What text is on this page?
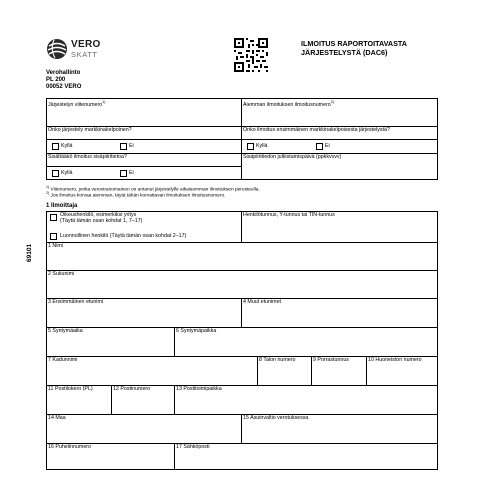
VERO
SKATT
ILMOITUS RAPORTOITAVASTA
JÄRJESTELYSTÄ (DAC6)
Verohallinto
PL 200
00052 VERO
69101
Järjestelyn viitenumero$^{1)}$	Aiemman ilmoituksen ilmoitusnumero$^{2)}$
Onko järjestely markkinakelpoinen?
Kyllä	Ei
Onko ilmoitus ensimmäinen markkinakelpoisesta järjestelystä?
Kyllä	Ei
Sisältääkö ilmoitus sisäpiiritietoa?
Kyllä	Ei
Sisäpiiritiedon julkistamispäivä (ppkkvvvv)
$^{1)}$ Viitenumero, jonka veroviranomainen on antanut järjestelylle aikaisemman ilmoituksen perusteella.
$^{2)}$ Jos ilmoitus korvaa aiemman, täytä tähän korvattavan ilmoituksen ilmoitusnumero.
1 Ilmoittaja
Oikeushenkilö, esimerkiksi yritys
(Täytä tämän osan kohdat 1, 7–17)
Luonnollinen henkilö (Täytä tämän osan kohdat 2–17)
Henkilötunnus, Y-tunnus tai TIN-tunnus
1 Nimi
2 Sukunimi
3 Ensimmäinen etunimi	4 Muut etunimet
5 Syntymäaika	6 Syntymäpaikka
7 Kadunnimi	8 Talon numero	9 Porrastunnus	10 Huoneiston numero
11 Postilokero (PL)	12 Postinumero	13 Postitoimipaikka
14 Maa	15 Asuinvaltio verotuksessa
16 Puhelinnumero	17 Sähköposti
